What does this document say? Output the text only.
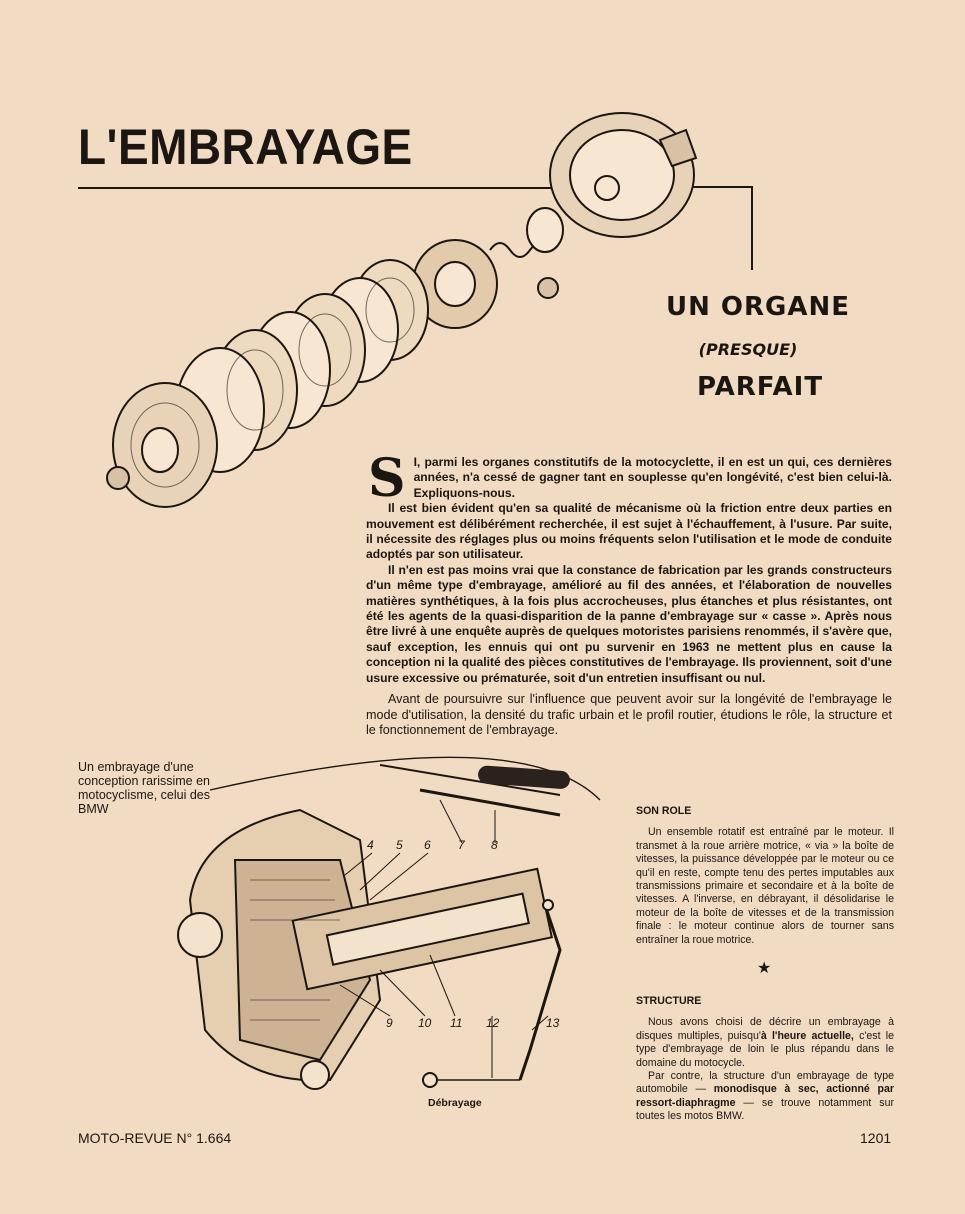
L'EMBRAYAGE
UN ORGANE
(PRESQUE)
PARFAIT

S I, parmi les organes constitutifs de la motocyclette, il en est un qui, ces dernières années, n'a cessé de gagner tant en souplesse qu'en longévité, c'est bien celui-là. Expliquons-nous.

Il est bien évident qu'en sa qualité de mécanisme où la friction entre deux parties en mouvement est délibérément recherchée, il est sujet à l'échauffement, à l'usure. Par suite, il nécessite des réglages plus ou moins fréquents selon l'utilisation et le mode de conduite adoptés par son utilisateur.

Il n'en est pas moins vrai que la constance de fabrication par les grands constructeurs d'un même type d'embrayage, amélioré au fil des années, et l'élaboration de nouvelles matières synthétiques, à la fois plus accrocheuses, plus étanches et plus résistantes, ont été les agents de la quasi-disparition de la panne d'embrayage sur « casse ». Après nous être livré à une enquête auprès de quelques motoristes parisiens renommés, il s'avère que, sauf exception, les ennuis qui ont pu survenir en 1963 ne mettent plus en cause la conception ni la qualité des pièces constitutives de l'embrayage. Ils proviennent, soit d'une usure excessive ou prématurée, soit d'un entretien insuffisant ou nul.

Avant de poursuivre sur l'influence que peuvent avoir sur la longévité de l'embrayage le mode d'utilisation, la densité du trafic urbain et le profil routier, étudions le rôle, la structure et le fonctionnement de l'embrayage.

Un embrayage d'une conception rarissime en motocyclisme, celui des BMW
4 5 6 7 8
9 10 11 12	13
Débrayage
SON ROLE

Un ensemble rotatif est entraîné par le moteur. Il transmet à la roue arrière motrice, « via » la boîte de vitesses, la puissance développée par le moteur ou ce qu'il en reste, compte tenu des pertes imputables aux transmissions primaire et secondaire et à la boîte de vitesses. A l'inverse, en débrayant, il désolidarise le moteur de la boîte de vitesses et de la transmission finale : le moteur continue alors de tourner sans entraîner la roue motrice.

★
STRUCTURE

Nous avons choisi de décrire un embrayage à disques multiples, puisqu'à l'heure actuelle, c'est le type d'embrayage de loin le plus répandu dans le domaine du motocycle.

Par contre, la structure d'un embrayage de type automobile — monodisque à sec, actionné par ressort-diaphragme — se trouve notamment sur toutes les motos BMW.

MOTO-REVUE N° 1.664	1201
